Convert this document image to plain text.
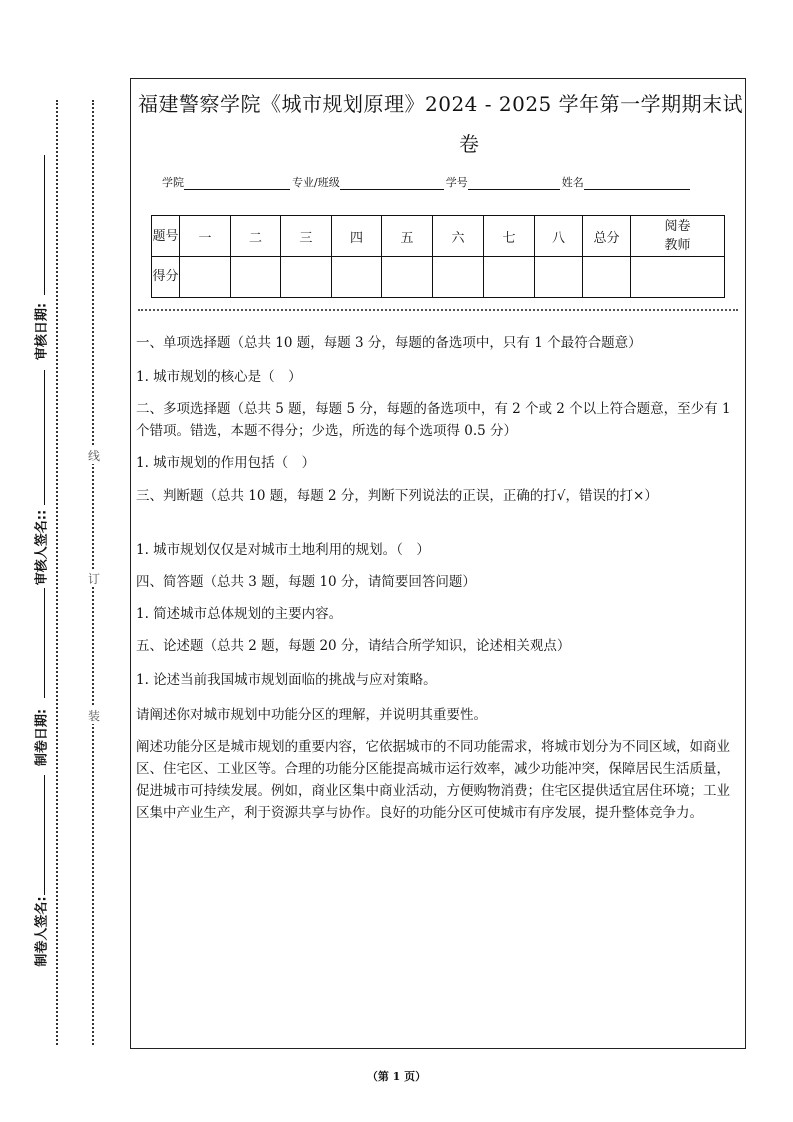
审核日期:
审核人签名::
制卷日期:
制卷人签名:
线
订
装
福建警察学院《城市规划原理》2024 - 2025 学年第一学期期末试
卷
学院	专业/班级	学号	姓名
题号	一	二	三	四	五	六	七	八	总分	阅卷教师
得分										
一、单项选择题（总共 10 题，每题 3 分，每题的备选项中，只有 1 个最符合题意）
1. 城市规划的核心是（　）
二、多项选择题（总共 5 题，每题 5 分，每题的备选项中，有 2 个或 2 个以上符合题意，至少有 1 个错项。错选，本题不得分；少选，所选的每个选项得 0.5 分）
1. 城市规划的作用包括（　）
三、判断题（总共 10 题，每题 2 分，判断下列说法的正误，正确的打√，错误的打×）
1. 城市规划仅仅是对城市土地利用的规划。（　）
四、简答题（总共 3 题，每题 10 分，请简要回答问题）
1. 简述城市总体规划的主要内容。
五、论述题（总共 2 题，每题 20 分，请结合所学知识，论述相关观点）
1. 论述当前我国城市规划面临的挑战与应对策略。
请阐述你对城市规划中功能分区的理解，并说明其重要性。
阐述功能分区是城市规划的重要内容，它依据城市的不同功能需求，将城市划分为不同区域，如商业区、住宅区、工业区等。合理的功能分区能提高城市运行效率，减少功能冲突，保障居民生活质量，促进城市可持续发展。例如，商业区集中商业活动，方便购物消费；住宅区提供适宜居住环境；工业区集中产业生产，利于资源共享与协作。良好的功能分区可使城市有序发展，提升整体竞争力。
（第 1 页）
